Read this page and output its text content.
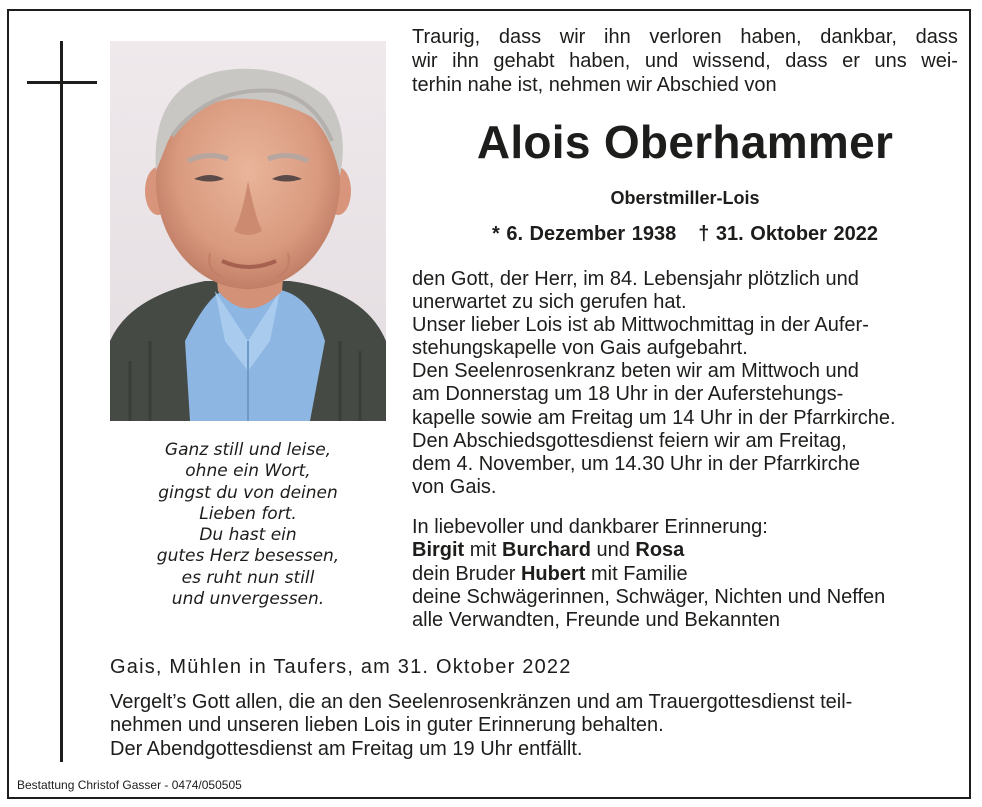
Ganz still und leise,
ohne ein Wort,
gingst du von deinen
Lieben fort.
Du hast ein
gutes Herz besessen,
es ruht nun still
und unvergessen.
Traurig, dass wir ihn verloren haben, dankbar, dass
wir ihn gehabt haben, und wissend, dass er uns wei-
terhin nahe ist, nehmen wir Abschied von
Alois Oberhammer
Oberstmiller-Lois
* 6. Dezember 1938 † 31. Oktober 2022
den Gott, der Herr, im 84. Lebensjahr plötzlich und
unerwartet zu sich gerufen hat.
Unser lieber Lois ist ab Mittwochmittag in der Aufer-
stehungskapelle von Gais aufgebahrt.
Den Seelenrosenkranz beten wir am Mittwoch und
am Donnerstag um 18 Uhr in der Auferstehungs-
kapelle sowie am Freitag um 14 Uhr in der Pfarrkirche.
Den Abschiedsgottesdienst feiern wir am Freitag,
dem 4. November, um 14.30 Uhr in der Pfarrkirche
von Gais.
In liebevoller und dankbarer Erinnerung:
Birgit mit Burchard und Rosa
dein Bruder Hubert mit Familie
deine Schwägerinnen, Schwäger, Nichten und Neffen
alle Verwandten, Freunde und Bekannten
Gais, Mühlen in Taufers, am 31. Oktober 2022
Vergelt’s Gott allen, die an den Seelenrosenkränzen und am Trauergottesdienst teil-
nehmen und unseren lieben Lois in guter Erinnerung behalten.
Der Abendgottesdienst am Freitag um 19 Uhr entfällt.
Bestattung Christof Gasser - 0474/050505
